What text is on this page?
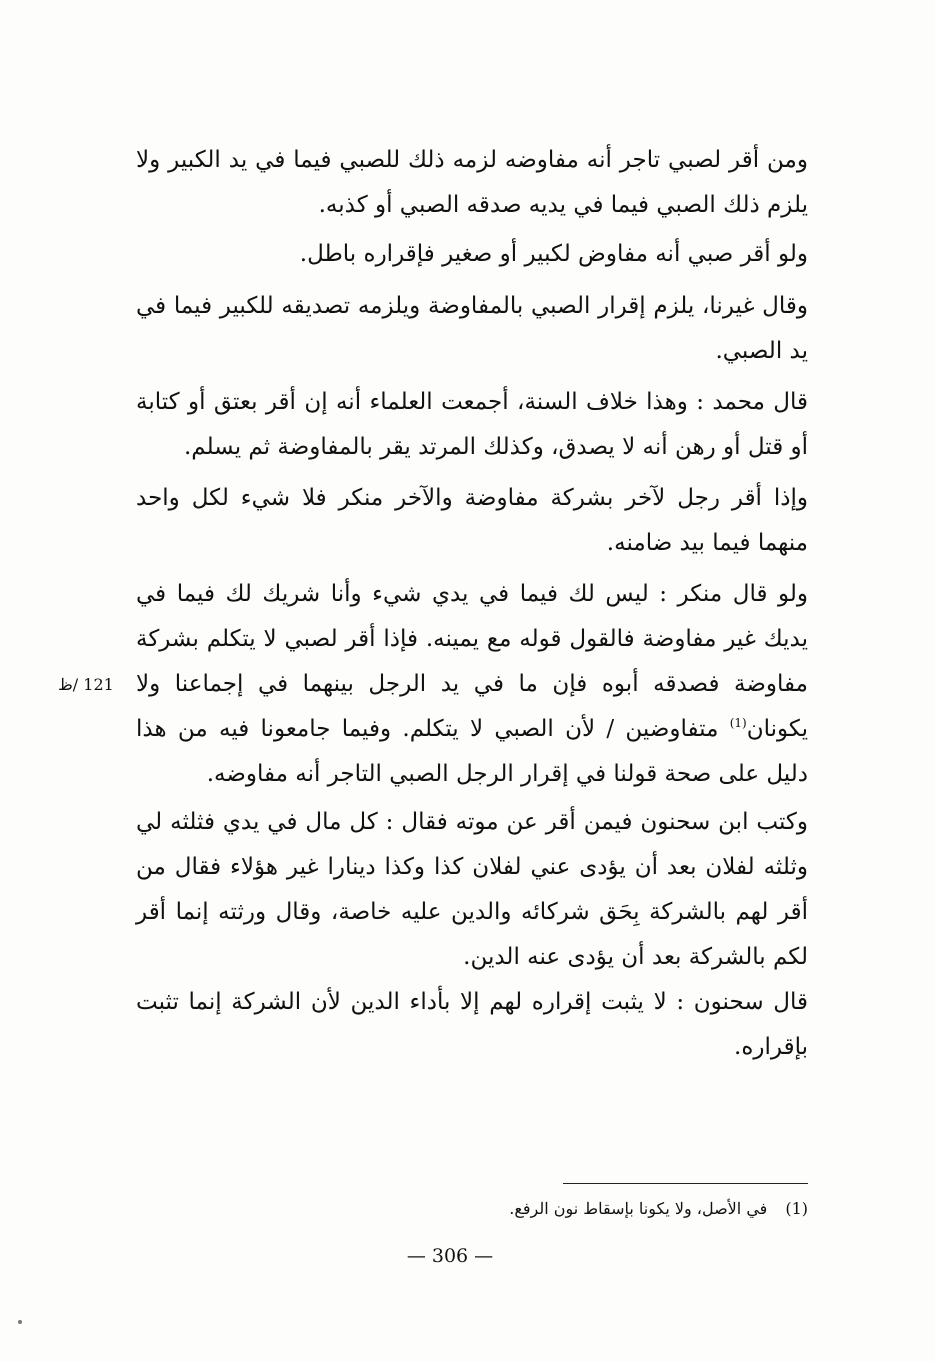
ومن أقر لصبي تاجر أنه مفاوضه لزمه ذلك للصبي فيما في يد الكبير ولا يلزم ذلك الصبي فيما في يديه صدقه الصبي أو كذبه.

ولو أقر صبي أنه مفاوض لكبير أو صغير فإقراره باطل.

وقال غيرنا، يلزم إقرار الصبي بالمفاوضة ويلزمه تصديقه للكبير فيما في يد الصبي.

قال محمد : وهذا خلاف السنة، أجمعت العلماء أنه إن أقر بعتق أو كتابة أو قتل أو رهن أنه لا يصدق، وكذلك المرتد يقر بالمفاوضة ثم يسلم.

وإذا أقر رجل لآخر بشركة مفاوضة والآخر منكر فلا شيء لكل واحد منهما فيما بيد ضامنه.

ولو قال منكر : ليس لك فيما في يدي شيء وأنا شريك لك فيما في يديك غير مفاوضة فالقول قوله مع يمينه. فإذا أقر لصبي لا يتكلم بشركة مفاوضة فصدقه أبوه فإن ما في يد الرجل بينهما في إجماعنا ولا يكونان$^{(1)}$ متفاوضين / لأن الصبي لا يتكلم. وفيما جامعونا فيه من هذا دليل على صحة قولنا في إقرار الرجل الصبي التاجر أنه مفاوضه.

وكتب ابن سحنون فيمن أقر عن موته فقال : كل مال في يدي فثلثه لي وثلثه لفلان بعد أن يؤدى عني لفلان كذا وكذا دينارا غير هؤلاء فقال من أقر لهم بالشركة بِحَق شركائه والدين عليه خاصة، وقال ورثته إنما أقر لكم بالشركة بعد أن يؤدى عنه الدين.

قال سحنون : لا يثبت إقراره لهم إلا بأداء الدين لأن الشركة إنما تثبت بإقراره.

121 /ظ
(1)في الأصل، ولا يكونا بإسقاط نون الرفع.
— 306 —
